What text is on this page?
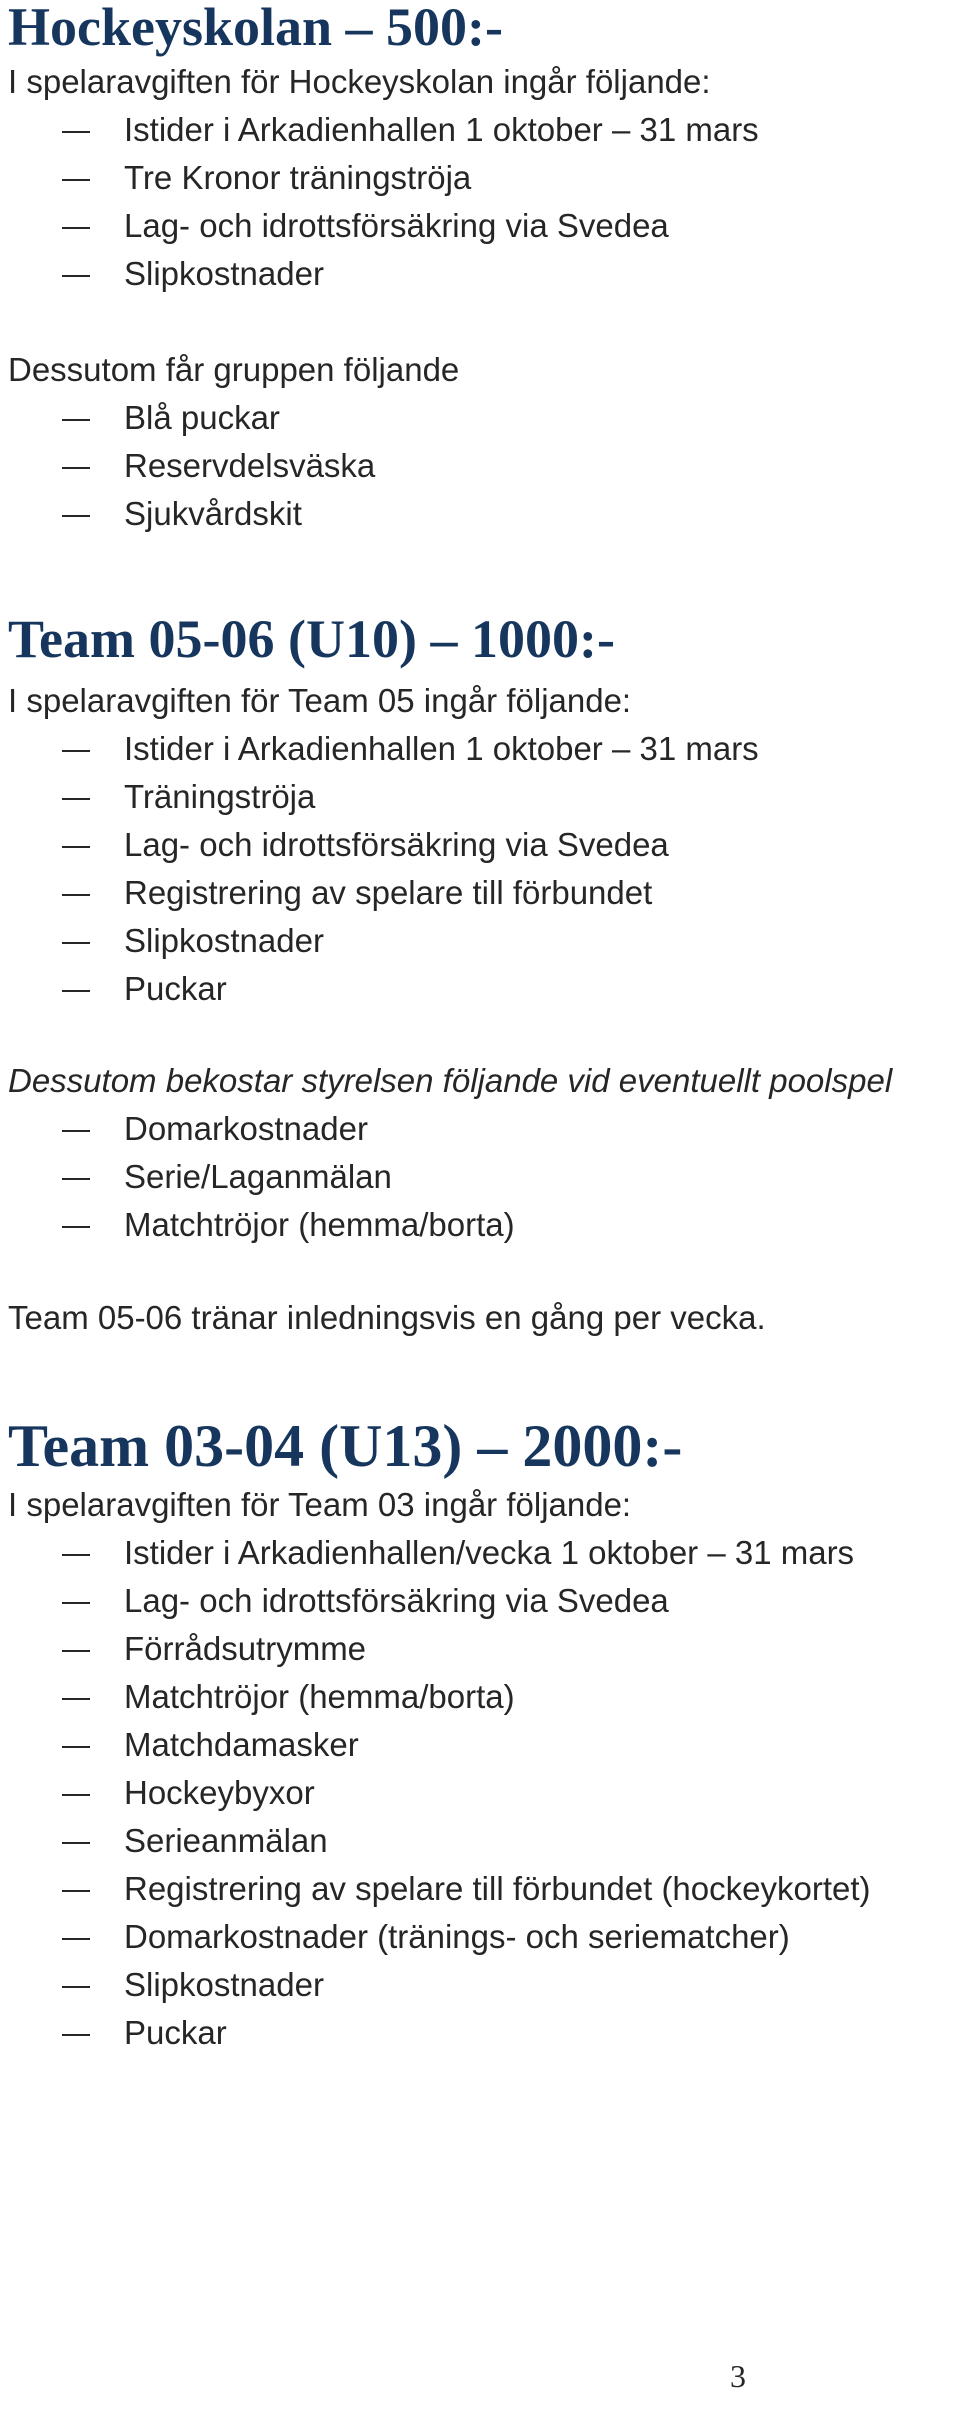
Hockeyskolan – 500:-

I spelaravgiften för Hockeyskolan ingår följande:

Istider i Arkadienhallen 1 oktober – 31 mars
Tre Kronor träningströja
Lag- och idrottsförsäkring via Svedea
Slipkostnader

Dessutom får gruppen följande

Blå puckar
Reservdelsväska
Sjukvårdskit
Team 05-06 (U10) – 1000:-

I spelaravgiften för Team 05 ingår följande:

Istider i Arkadienhallen 1 oktober – 31 mars
Träningströja
Lag- och idrottsförsäkring via Svedea
Registrering av spelare till förbundet
Slipkostnader
Puckar

Dessutom bekostar styrelsen följande vid eventuellt poolspel

Domarkostnader
Serie/Laganmälan
Matchtröjor (hemma/borta)

Team 05-06 tränar inledningsvis en gång per vecka.

Team 03-04 (U13) – 2000:-

I spelaravgiften för Team 03 ingår följande:

Istider i Arkadienhallen/vecka 1 oktober – 31 mars
Lag- och idrottsförsäkring via Svedea
Förrådsutrymme
Matchtröjor (hemma/borta)
Matchdamasker
Hockeybyxor
Serieanmälan
Registrering av spelare till förbundet (hockeykortet)
Domarkostnader (tränings- och seriematcher)
Slipkostnader
Puckar
3
